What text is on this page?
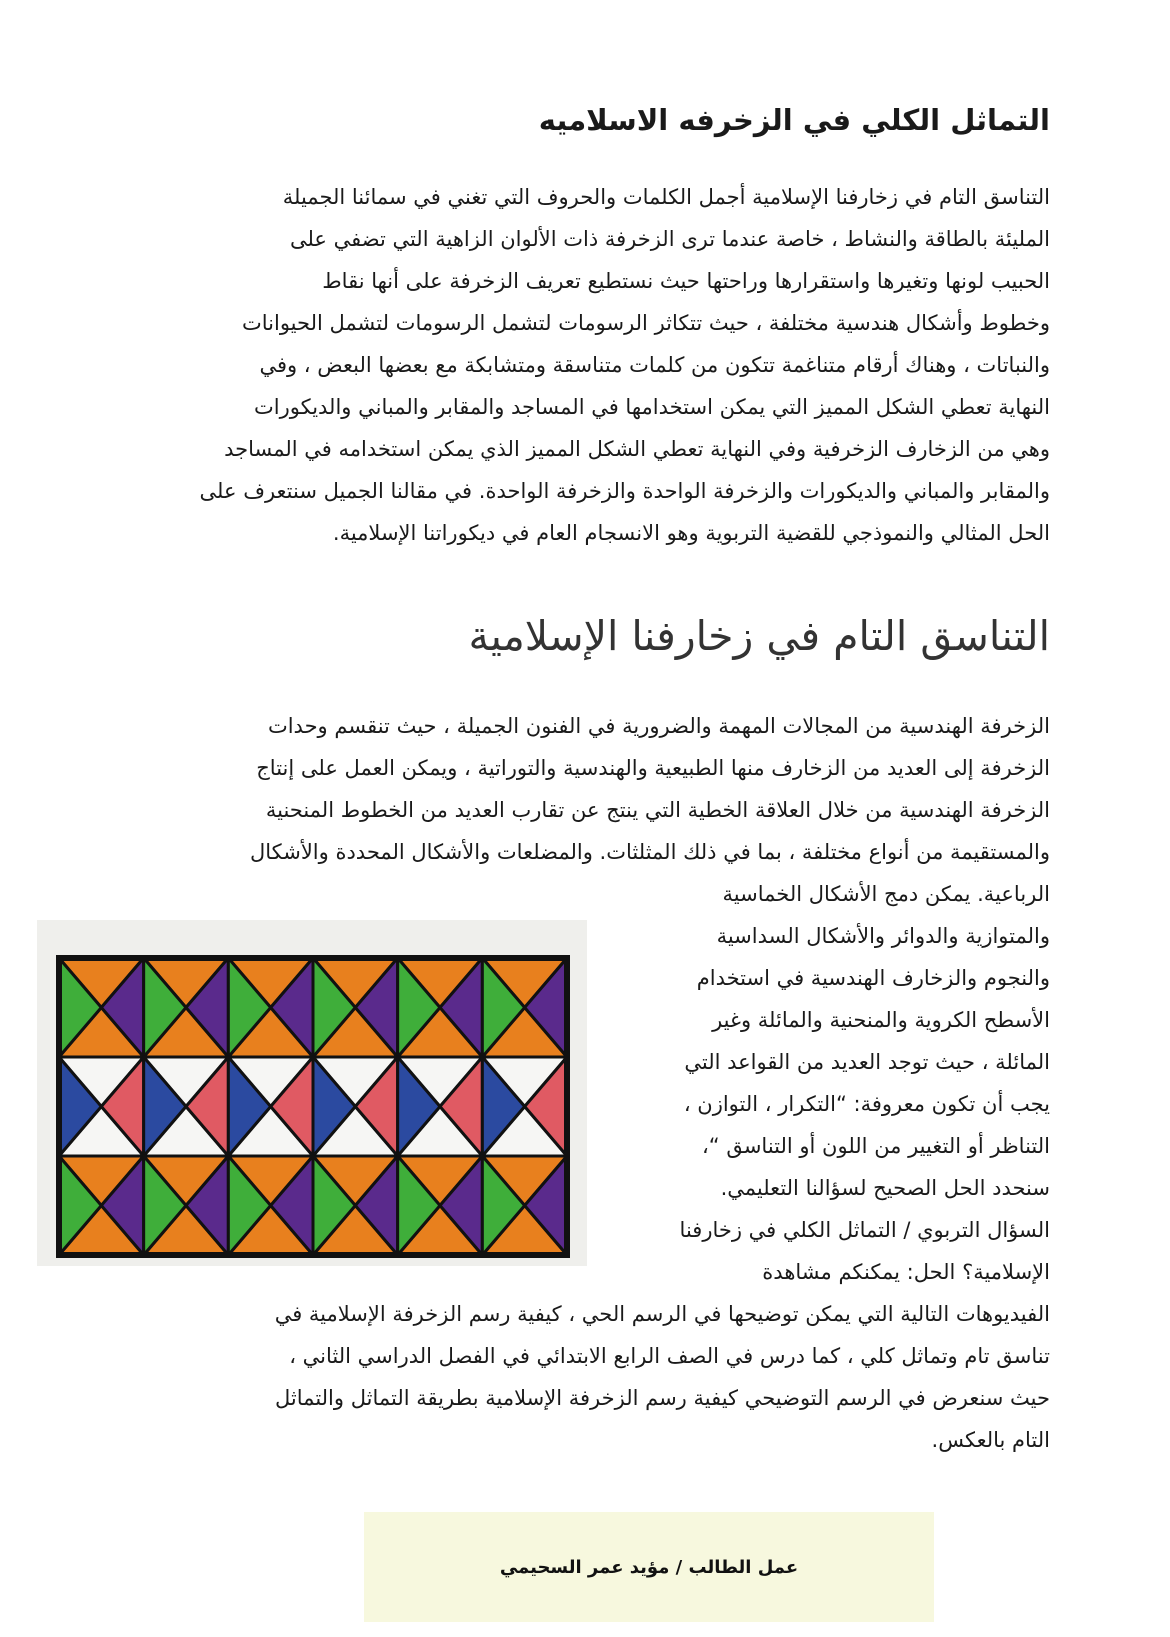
التماثل الكلي في الزخرفه الاسلاميه

التناسق التام في زخارفنا الإسلامية أجمل الكلمات والحروف التي تغني في سمائنا الجميلة
المليئة بالطاقة والنشاط ، خاصة عندما ترى الزخرفة ذات الألوان الزاهية التي تضفي على
الحبيب لونها وتغيرها واستقرارها وراحتها حيث نستطيع تعريف الزخرفة على أنها نقاط
وخطوط وأشكال هندسية مختلفة ، حيث تتكاثر الرسومات لتشمل الرسومات لتشمل الحيوانات
والنباتات ، وهناك أرقام متناغمة تتكون من كلمات متناسقة ومتشابكة مع بعضها البعض ، وفي
النهاية تعطي الشكل المميز التي يمكن استخدامها في المساجد والمقابر والمباني والديكورات
وهي من الزخارف الزخرفية وفي النهاية تعطي الشكل المميز الذي يمكن استخدامه في المساجد
والمقابر والمباني والديكورات والزخرفة الواحدة والزخرفة الواحدة. في مقالنا الجميل سنتعرف على
الحل المثالي والنموذجي للقضية التربوية وهو الانسجام العام في ديكوراتنا الإسلامية.

التناسق التام في زخارفنا الإسلامية

الزخرفة الهندسية من المجالات المهمة والضرورية في الفنون الجميلة ، حيث تنقسم وحدات
الزخرفة إلى العديد من الزخارف منها الطبيعية والهندسية والتوراتية ، ويمكن العمل على إنتاج
الزخرفة الهندسية من خلال العلاقة الخطية التي ينتج عن تقارب العديد من الخطوط المنحنية
والمستقيمة من أنواع مختلفة ، بما في ذلك المثلثات. والمضلعات والأشكال المحددة والأشكال

الرباعية. يمكن دمج الأشكال الخماسية
والمتوازية والدوائر والأشكال السداسية
والنجوم والزخارف الهندسية في استخدام
الأسطح الكروية والمنحنية والمائلة وغير
المائلة ، حيث توجد العديد من القواعد التي
يجب أن تكون معروفة: “التكرار ، التوازن ،
التناظر أو التغيير من اللون أو التناسق “،
سنحدد الحل الصحيح لسؤالنا التعليمي.
السؤال التربوي / التماثل الكلي في زخارفنا
الإسلامية؟ الحل: يمكنكم مشاهدة

الفيديوهات التالية التي يمكن توضيحها في الرسم الحي ، كيفية رسم الزخرفة الإسلامية في
تناسق تام وتماثل كلي ، كما درس في الصف الرابع الابتدائي في الفصل الدراسي الثاني ،
حيث سنعرض في الرسم التوضيحي كيفية رسم الزخرفة الإسلامية بطريقة التماثل والتماثل
التام بالعكس.

عمل الطالب / مؤيد عمر السحيمي
